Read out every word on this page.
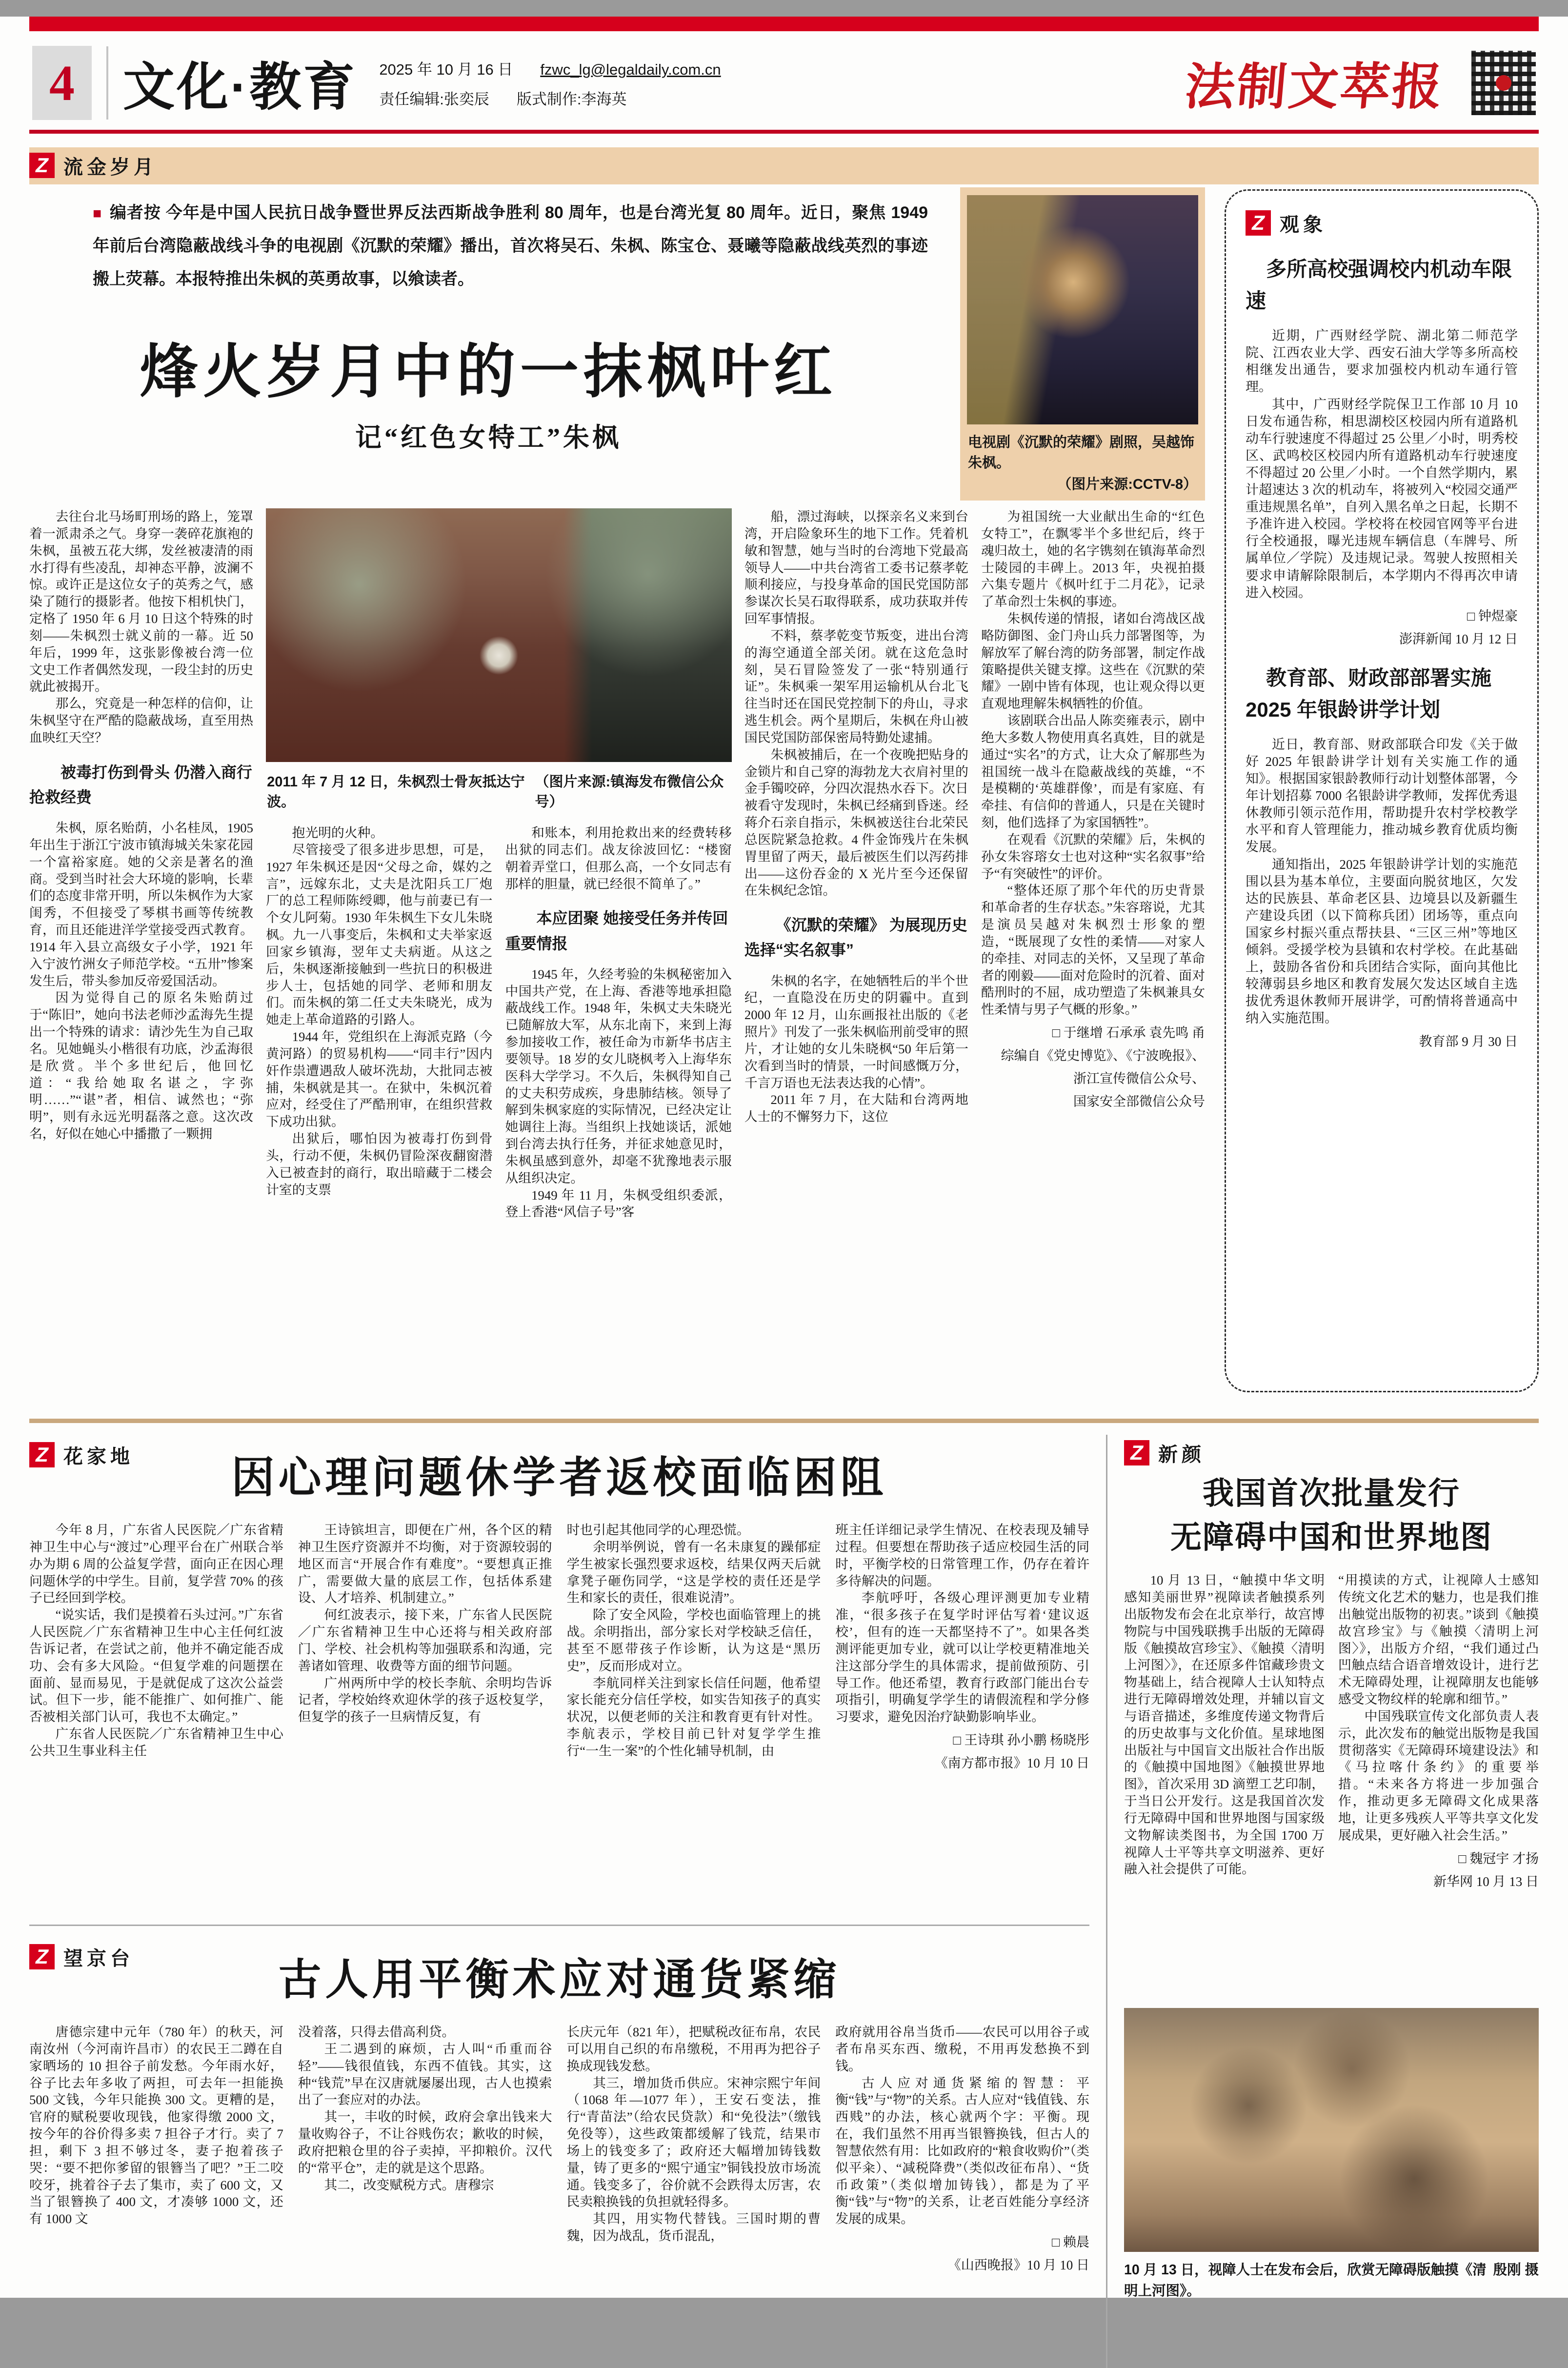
4 文化·教育 2025 年 10 月 16 日 fzwc_lg@legaldaily.com.cn
责任编辑:张奕辰 版式制作:李海英	法制文萃报
Z 观象
多所高校强调校内机动车限速

近期，广西财经学院、湖北第二师范学院、江西农业大学、西安石油大学等多所高校相继发出通告，要求加强校内机动车通行管理。

其中，广西财经学院保卫工作部 10 月 10 日发布通告称，相思湖校区校园内所有道路机动车行驶速度不得超过 25 公里／小时，明秀校区、武鸣校区校园内所有道路机动车行驶速度不得超过 20 公里／小时。一个自然学期内，累计超速达 3 次的机动车，将被列入“校园交通严重违规黑名单”，自列入黑名单之日起，长期不予准许进入校园。学校将在校园官网等平台进行全校通报，曝光违规车辆信息（车牌号、所属单位／学院）及违规记录。驾驶人按照相关要求申请解除限制后，本学期内不得再次申请进入校园。

□ 钟煜豪

澎湃新闻 10 月 12 日

教育部、财政部部署实施 2025 年银龄讲学计划

近日，教育部、财政部联合印发《关于做好 2025 年银龄讲学计划有关实施工作的通知》。根据国家银龄教师行动计划整体部署，今年计划招募 7000 名银龄讲学教师，发挥优秀退休教师引领示范作用，帮助提升农村学校教学水平和育人管理能力，推动城乡教育优质均衡发展。

通知指出，2025 年银龄讲学计划的实施范围以县为基本单位，主要面向脱贫地区，欠发达的民族县、革命老区县、边境县以及新疆生产建设兵团（以下简称兵团）团场等，重点向国家乡村振兴重点帮扶县、“三区三州”等地区倾斜。受援学校为县镇和农村学校。在此基础上，鼓励各省份和兵团结合实际，面向其他比较薄弱县乡地区和教育发展欠发达区域自主选拔优秀退休教师开展讲学，可酌情将普通高中纳入实施范围。

教育部 9 月 30 日

Z 流金岁月

■ 编者按 今年是中国人民抗日战争暨世界反法西斯战争胜利 80 周年，也是台湾光复 80 周年。近日，聚焦 1949 年前后台湾隐蔽战线斗争的电视剧《沉默的荣耀》播出，首次将吴石、朱枫、陈宝仓、聂曦等隐蔽战线英烈的事迹搬上荧幕。本报特推出朱枫的英勇故事，以飨读者。

烽火岁月中的一抹枫叶红
记“红色女特工”朱枫	电视剧《沉默的荣耀》剧照，吴越饰朱枫。

（图片来源:CCTV-8）

去往台北马场町刑场的路上，笼罩着一派肃杀之气。身穿一袭碎花旗袍的朱枫，虽被五花大绑，发丝被凄清的雨水打得有些凌乱，却神态平静，波澜不惊。或许正是这位女子的英秀之气，感染了随行的摄影者。他按下相机快门，定格了 1950 年 6 月 10 日这个特殊的时刻——朱枫烈士就义前的一幕。近 50 年后，1999 年，这张影像被台湾一位文史工作者偶然发现，一段尘封的历史就此被揭开。

那么，究竟是一种怎样的信仰，让朱枫坚守在严酷的隐蔽战场，直至用热血映红天空？

被毒打伤到骨头 仍潜入商行抢救经费

朱枫，原名贻荫，小名桂凤，1905 年出生于浙江宁波市镇海城关朱家花园一个富裕家庭。她的父亲是著名的渔商。受到当时社会大环境的影响，长辈们的态度非常开明，所以朱枫作为大家闺秀，不但接受了琴棋书画等传统教育，而且还能进洋学堂接受西式教育。1914 年入县立高级女子小学，1921 年入宁波竹洲女子师范学校。“五卅”惨案发生后，带头参加反帝爱国活动。

因为觉得自己的原名朱贻荫过于“陈旧”，她向书法老师沙孟海先生提出一个特殊的请求：请沙先生为自己取名。见她蝇头小楷很有功底，沙孟海很是欣赏。半个多世纪后，他回忆道：“我给她取名谌之，字弥明……”“谌”者，相信、诚然也；“弥明”，则有永远光明磊落之意。这次改名，好似在她心中播撒了一颗拥

2011 年 7 月 12 日，朱枫烈士骨灰抵达宁波。
（图片来源:镇海发布微信公众号）

抱光明的火种。

尽管接受了很多进步思想，可是，1927 年朱枫还是因“父母之命，媒妁之言”，远嫁东北，丈夫是沈阳兵工厂炮厂的总工程师陈绶卿，他与前妻已有一个女儿阿菊。1930 年朱枫生下女儿朱晓枫。九一八事变后，朱枫和丈夫举家返回家乡镇海，翌年丈夫病逝。从这之后，朱枫逐渐接触到一些抗日的积极进步人士，包括她的同学、老师和朋友们。而朱枫的第二任丈夫朱晓光，成为她走上革命道路的引路人。

1944 年，党组织在上海派克路（今黄河路）的贸易机构——“同丰行”因内奸作祟遭遇敌人破坏洗劫，大批同志被捕，朱枫就是其一。在狱中，朱枫沉着应对，经受住了严酷刑审，在组织营救下成功出狱。

出狱后，哪怕因为被毒打伤到骨头，行动不便，朱枫仍冒险深夜翻窗潜入已被查封的商行，取出暗藏于二楼会计室的支票

和账本，利用抢救出来的经费转移出狱的同志们。战友徐波回忆：“楼窗朝着弄堂口，但那么高，一个女同志有那样的胆量，就已经很不简单了。”

本应团聚 她接受任务并传回重要情报

1945 年，久经考验的朱枫秘密加入中国共产党，在上海、香港等地承担隐蔽战线工作。1948 年，朱枫丈夫朱晓光已随解放大军，从东北南下，来到上海参加接收工作，被任命为市新华书店主要领导。18 岁的女儿晓枫考入上海华东医科大学学习。不久后，朱枫得知自己的丈夫积劳成疾，身患肺结核。领导了解到朱枫家庭的实际情况，已经决定让她调往上海。当组织上找她谈话，派她到台湾去执行任务，并征求她意见时，朱枫虽感到意外，却毫不犹豫地表示服从组织决定。

1949 年 11 月，朱枫受组织委派，登上香港“风信子号”客

船，漂过海峡，以探亲名义来到台湾，开启险象环生的地下工作。凭着机敏和智慧，她与当时的台湾地下党最高领导人——中共台湾省工委书记蔡孝乾顺利接应，与投身革命的国民党国防部参谋次长吴石取得联系，成功获取并传回军事情报。

不料，蔡孝乾变节叛变，进出台湾的海空通道全部关闭。就在这危急时刻，吴石冒险签发了一张“特别通行证”。朱枫乘一架军用运输机从台北飞往当时还在国民党控制下的舟山，寻求逃生机会。两个星期后，朱枫在舟山被国民党国防部保密局特勤处逮捕。

朱枫被捕后，在一个夜晚把贴身的金锁片和自己穿的海勃龙大衣肩衬里的金手镯咬碎，分四次混热水吞下。次日被看守发现时，朱枫已经痛到昏迷。经蒋介石亲自指示，朱枫被送往台北荣民总医院紧急抢救。4 件金饰残片在朱枫胃里留了两天，最后被医生们以泻药排出——这份吞金的 X 光片至今还保留在朱枫纪念馆。

《沉默的荣耀》 为展现历史选择“实名叙事”

朱枫的名字，在她牺牲后的半个世纪，一直隐没在历史的阴霾中。直到 2000 年 12 月，山东画报社出版的《老照片》刊发了一张朱枫临刑前受审的照片，才让她的女儿朱晓枫“50 年后第一次看到当时的情景，一时间感慨万分，千言万语也无法表达我的心情”。

2011 年 7 月，在大陆和台湾两地人士的不懈努力下，这位

为祖国统一大业献出生命的“红色女特工”，在飘零半个多世纪后，终于魂归故土，她的名字镌刻在镇海革命烈士陵园的丰碑上。2013 年，央视拍摄六集专题片《枫叶红于二月花》，记录了革命烈士朱枫的事迹。

朱枫传递的情报，诸如台湾战区战略防御图、金门舟山兵力部署图等，为解放军了解台湾的防务部署，制定作战策略提供关键支撑。这些在《沉默的荣耀》一剧中皆有体现，也让观众得以更直观地理解朱枫牺牲的价值。

该剧联合出品人陈奕雍表示，剧中绝大多数人物使用真名真姓，目的就是通过“实名”的方式，让大众了解那些为祖国统一战斗在隐蔽战线的英雄，“不是模糊的‘英雄群像’，而是有家庭、有牵挂、有信仰的普通人，只是在关键时刻，他们选择了为家国牺牲”。

在观看《沉默的荣耀》后，朱枫的孙女朱容瑢女士也对这种“实名叙事”给予“有突破性”的评价。

“整体还原了那个年代的历史背景和革命者的生存状态。”朱容瑢说，尤其是演员吴越对朱枫烈士形象的塑造，“既展现了女性的柔情——对家人的牵挂、对同志的关怀，又呈现了革命者的刚毅——面对危险时的沉着、面对酷刑时的不屈，成功塑造了朱枫兼具女性柔情与男子气概的形象。”

□ 于继增 石承承 袁先鸣 甬

综编自《党史博览》、《宁波晚报》、

浙江宣传微信公众号、

国家安全部微信公众号

Z 花家地	因心理问题休学者返校面临困阻

今年 8 月，广东省人民医院／广东省精神卫生中心与“渡过”心理平台在广州联合举办为期 6 周的公益复学营，面向正在因心理问题休学的中学生。目前，复学营 70% 的孩子已经回到学校。

“说实话，我们是摸着石头过河。”广东省人民医院／广东省精神卫生中心主任何红波告诉记者，在尝试之前，他并不确定能否成功、会有多大风险。“但复学难的问题摆在面前、显而易见，于是就促成了这次公益尝试。但下一步，能不能推广、如何推广、能否被相关部门认可，我也不太确定。”

广东省人民医院／广东省精神卫生中心公共卫生事业科主任

王诗镔坦言，即便在广州，各个区的精神卫生医疗资源并不均衡，对于资源较弱的地区而言“开展合作有难度”。“要想真正推广，需要做大量的底层工作，包括体系建设、人才培养、机制建立。”

何红波表示，接下来，广东省人民医院／广东省精神卫生中心还将与相关政府部门、学校、社会机构等加强联系和沟通，完善诸如管理、收费等方面的细节问题。

广州两所中学的校长李航、余明均告诉记者，学校始终欢迎休学的孩子返校复学，但复学的孩子一旦病情反复，有

时也引起其他同学的心理恐慌。

余明举例说，曾有一名未康复的躁郁症学生被家长强烈要求返校，结果仅两天后就拿凳子砸伤同学，“这是学校的责任还是学生和家长的责任，很难说清”。

除了安全风险，学校也面临管理上的挑战。余明指出，部分家长对学校缺乏信任，甚至不愿带孩子作诊断，认为这是“黑历史”，反而形成对立。

李航同样关注到家长信任问题，他希望家长能充分信任学校，如实告知孩子的真实状况，以便老师的关注和教育更有针对性。李航表示，学校目前已针对复学学生推行“一生一案”的个性化辅导机制，由

班主任详细记录学生情况、在校表现及辅导过程。但要想在帮助孩子适应校园生活的同时，平衡学校的日常管理工作，仍存在着许多待解决的问题。

李航呼吁，各级心理评测更加专业精准，“很多孩子在复学时评估写着‘建议返校’，但有的连一天都坚持不了”。如果各类测评能更加专业，就可以让学校更精准地关注这部分学生的具体需求，提前做预防、引导工作。他还希望，教育行政部门能出台专项指引，明确复学学生的请假流程和学分修习要求，避免因治疗缺勤影响毕业。

□ 王诗琪 孙小鹏 杨晓彤

《南方都市报》10 月 10 日

Z 望京台	古人用平衡术应对通货紧缩

唐德宗建中元年（780 年）的秋天，河南汝州（今河南许昌市）的农民王二蹲在自家晒场的 10 担谷子前发愁。今年雨水好，谷子比去年多收了两担，可去年一担能换 500 文钱，今年只能换 300 文。更糟的是，官府的赋税要收现钱，他家得缴 2000 文，按今年的谷价得多卖 7 担谷子才行。卖了 7 担，剩下 3 担不够过冬，妻子抱着孩子哭：“要不把你爹留的银簪当了吧？”王二咬咬牙，挑着谷子去了集市，卖了 600 文，又当了银簪换了 400 文，才凑够 1000 文，还有 1000 文

没着落，只得去借高利贷。

王二遇到的麻烦，古人叫“币重而谷轻”——钱很值钱，东西不值钱。其实，这种“钱荒”早在汉唐就屡屡出现，古人也摸索出了一套应对的办法。

其一，丰收的时候，政府会拿出钱来大量收购谷子，不让谷贱伤农；歉收的时候，政府把粮仓里的谷子卖掉，平抑粮价。汉代的“常平仓”，走的就是这个思路。

其二，改变赋税方式。唐穆宗

长庆元年（821 年），把赋税改征布帛，农民可以用自己织的布帛缴税，不用再为把谷子换成现钱发愁。

其三，增加货币供应。宋神宗熙宁年间（1068 年—1077 年），王安石变法，推行“青苗法”（给农民贷款）和“免役法”（缴钱免役等），这些政策都缓解了钱荒，结果市场上的钱变多了；政府还大幅增加铸钱数量，铸了更多的“熙宁通宝”铜钱投放市场流通。钱变多了，谷价就不会跌得太厉害，农民卖粮换钱的负担就轻得多。

其四，用实物代替钱。三国时期的曹魏，因为战乱，货币混乱，

政府就用谷帛当货币——农民可以用谷子或者布帛买东西、缴税，不用再发愁换不到钱。

古人应对通货紧缩的智慧：平衡“钱”与“物”的关系。古人应对“钱值钱、东西贱”的办法，核心就两个字：平衡。现在，我们虽然不用再当银簪换钱，但古人的智慧依然有用：比如政府的“粮食收购价”（类似平籴）、“减税降费”（类似改征布帛）、“货币政策”（类似增加铸钱），都是为了平衡“钱”与“物”的关系，让老百姓能分享经济发展的成果。

□ 赖晨

《山西晚报》10 月 10 日

Z 新颜
我国首次批量发行
无障碍中国和世界地图

10 月 13 日，“触摸中华文明 感知美丽世界”视障读者触摸系列出版物发布会在北京举行，故宫博物院与中国残联携手出版的无障碍版《触摸故宫珍宝》、《触摸〈清明上河图〉》，在还原多件馆藏珍贵文物基础上，结合视障人士认知特点进行无障碍增效处理，并辅以盲文与语音描述，多维度传递文物背后的历史故事与文化价值。星球地图出版社与中国盲文出版社合作出版的《触摸中国地图》《触摸世界地图》，首次采用 3D 滴塑工艺印制，于当日公开发行。这是我国首次发行无障碍中国和世界地图与国家级文物解读类图书，为全国 1700 万视障人士平等共享文明滋养、更好融入社会提供了可能。

“用摸读的方式，让视障人士感知传统文化艺术的魅力，也是我们推出触觉出版物的初衷。”谈到《触摸故宫珍宝》与《触摸〈清明上河图〉》，出版方介绍，“我们通过凸凹触点结合语音增效设计，进行艺术无障碍处理，让视障朋友也能够感受文物纹样的轮廓和细节。”

中国残联宣传文化部负责人表示，此次发布的触觉出版物是我国贯彻落实《无障碍环境建设法》和《马拉喀什条约》的重要举措。“未来各方将进一步加强合作，推动更多无障碍文化成果落地，让更多残疾人平等共享文化发展成果，更好融入社会生活。”

□ 魏冠宇 才扬

新华网 10 月 13 日

殷刚 摄
10 月 13 日，视障人士在发布会后，欣赏无障碍版触摸《清明上河图》。
